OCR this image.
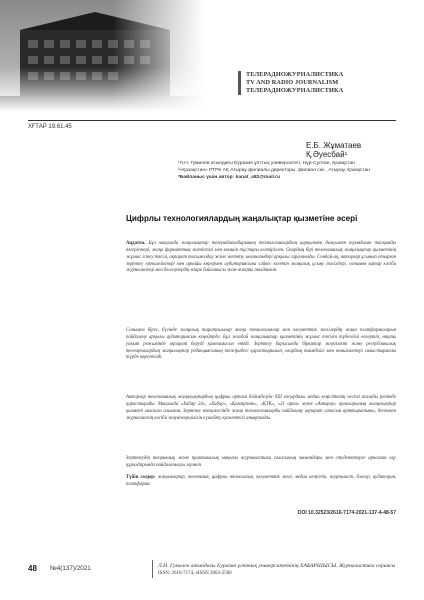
ТЕЛЕРАДИОЖУРНАЛИСТИКА
TV AND RADIO JOURNALISM
ТЕЛЕРАДИОЖУРНАЛИСТИКА
ХҒТАР 19.61.45
Е.Б. Жұматаев
Қ.Әуесбай¹
¹Л.Н. Гумилев атындағы Еуразия ұлттық университеті, Нұр-Сұлтан, Қазақстан
²«Қазақстан» РТРК АҚ Атырау филиалы директоры, филиал сағ., Атырау, Қазақстан
*Байланыс үшін автор: kanat_a82@mail.ru
Цифрлы технологиялардың жаңалықтар қызметіне әсері
Аңдатпа. Бұл мақалада жаңалықтар телерадиохабарының технологиялардың қарқынмен дамуымен туындаған тасқынды өзгерістері, жаңа форматтың жетістігі мен кемшін тұстары келтірілген. Олардың бірі телевизиялық жаңалықтар қызметінің жұмыс істеу тәсілі, ақпарат тасымалдау және жеткізу механизмдері арқылы сараланады. Сондай-ақ, авторлар ұсынып отырған зерттеу ерекшеліктері мен арнайы көрермен аудиториясына сәйкес келетін жаңалық ұсыну тәсілдері, сонымен қатар кәсіби журналистер мен блогерлердің өзара байланысы жан-жақты талданған.
Сонымен бірге, бүгінде жаңалық таратушылар жаңа технологиялар мен әлеуметтік желілердің жаңа платформаларын пайдалану арқылы аудиториясын кеңейтуде. Бұл жағдай жаңалықтар қызметінің жұмыс тәсілін түбегейлі өзгертіп, нақты уақыт режимінде ақпарат беруді қамтамасыз етеді. Зерттеу барысында бірқатар жергілікті және республикалық телеарналардың жаңалықтар редакциясының тәжірибесі қарастырылып, олардың тиімділігі мен кемшіліктері салыстырмалы түрде көрсетілді.
Авторлар телевизиялық жаңалықтардың цифрлы ортаға бейімделуін ХХІ ғасырдағы медиа кеңістіктің негізгі талабы ретінде қарастырады. Мақалада «Хабар 24», «Хабар», «Қазақстан», «ҚТК», «31 арна» және «Атырау» арналарының жаңалықтар қызметі мысалға алынған. Зерттеу нәтижесінде жаңа технологияларды пайдалану ақпарат сапасын арттыратыны, дегенмен журналистің кәсіби жауапкершілігін күшейту қажеттігі анықталды.
Зерттеудің теориялық және практикалық маңызы журналистика саласының мамандары мен студенттерге арналған оқу құралдарында пайдаланылуы мүмкін.
Түйін сөздер: жаңалықтар, телевизия, цифрлы технология, әлеуметтік желі, медиа кеңістік, журналист, блогер, аудитория, платформа.
DOI 10.32523/2616-7174-2021-137-4-48-57
48 №4(137)/2021	Л.Н. Гумилев атындағы Еуразия ұлттық университетінің ХАБАРШЫСЫ. Журналистика сериясы
ISSN: 2616-7174, eISSN 2663-2500
